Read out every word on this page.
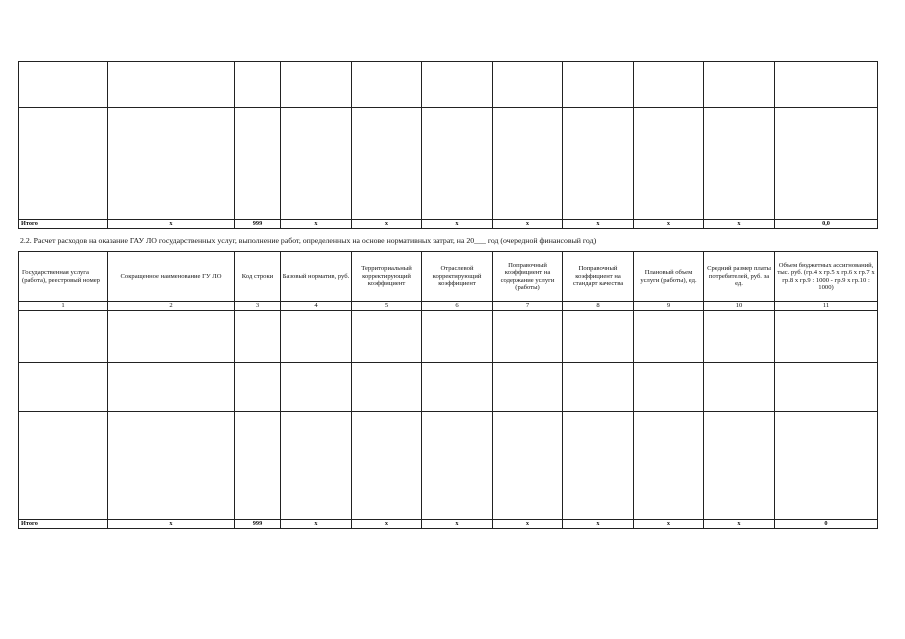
Итого	х	999	х	х	х	х	х	х	х	0,0
2.2. Расчет расходов на оказание ГАУ ЛО государственных услуг, выполнение работ, определенных на основе нормативных затрат, на 20___ год (очередной финансовый год)
Государственная услуга (работа), реестровый номер	Сокращенное наименование ГУ ЛО	Код строки	Базовый норматив, руб.	Территориальный корректирующий коэффициент	Отраслевой корректирующий коэффициент	Поправочный коэффициент на содержание услуги (работы)	Поправочный коэффициент на стандарт качества	Плановый объем услуги (работы), ед.	Средний размер платы потребителей, руб. за ед.	Объем бюджетных ассигнований, тыс. руб. (гр.4 х гр.5 х гр.6 х гр.7 х гр.8 х гр.9 : 1000 - гр.9 х гр.10 : 1000)
1	2	3	4	5	6	7	8	9	10	11

Итого	х	999	х	х	х	х	х	х	х	0
